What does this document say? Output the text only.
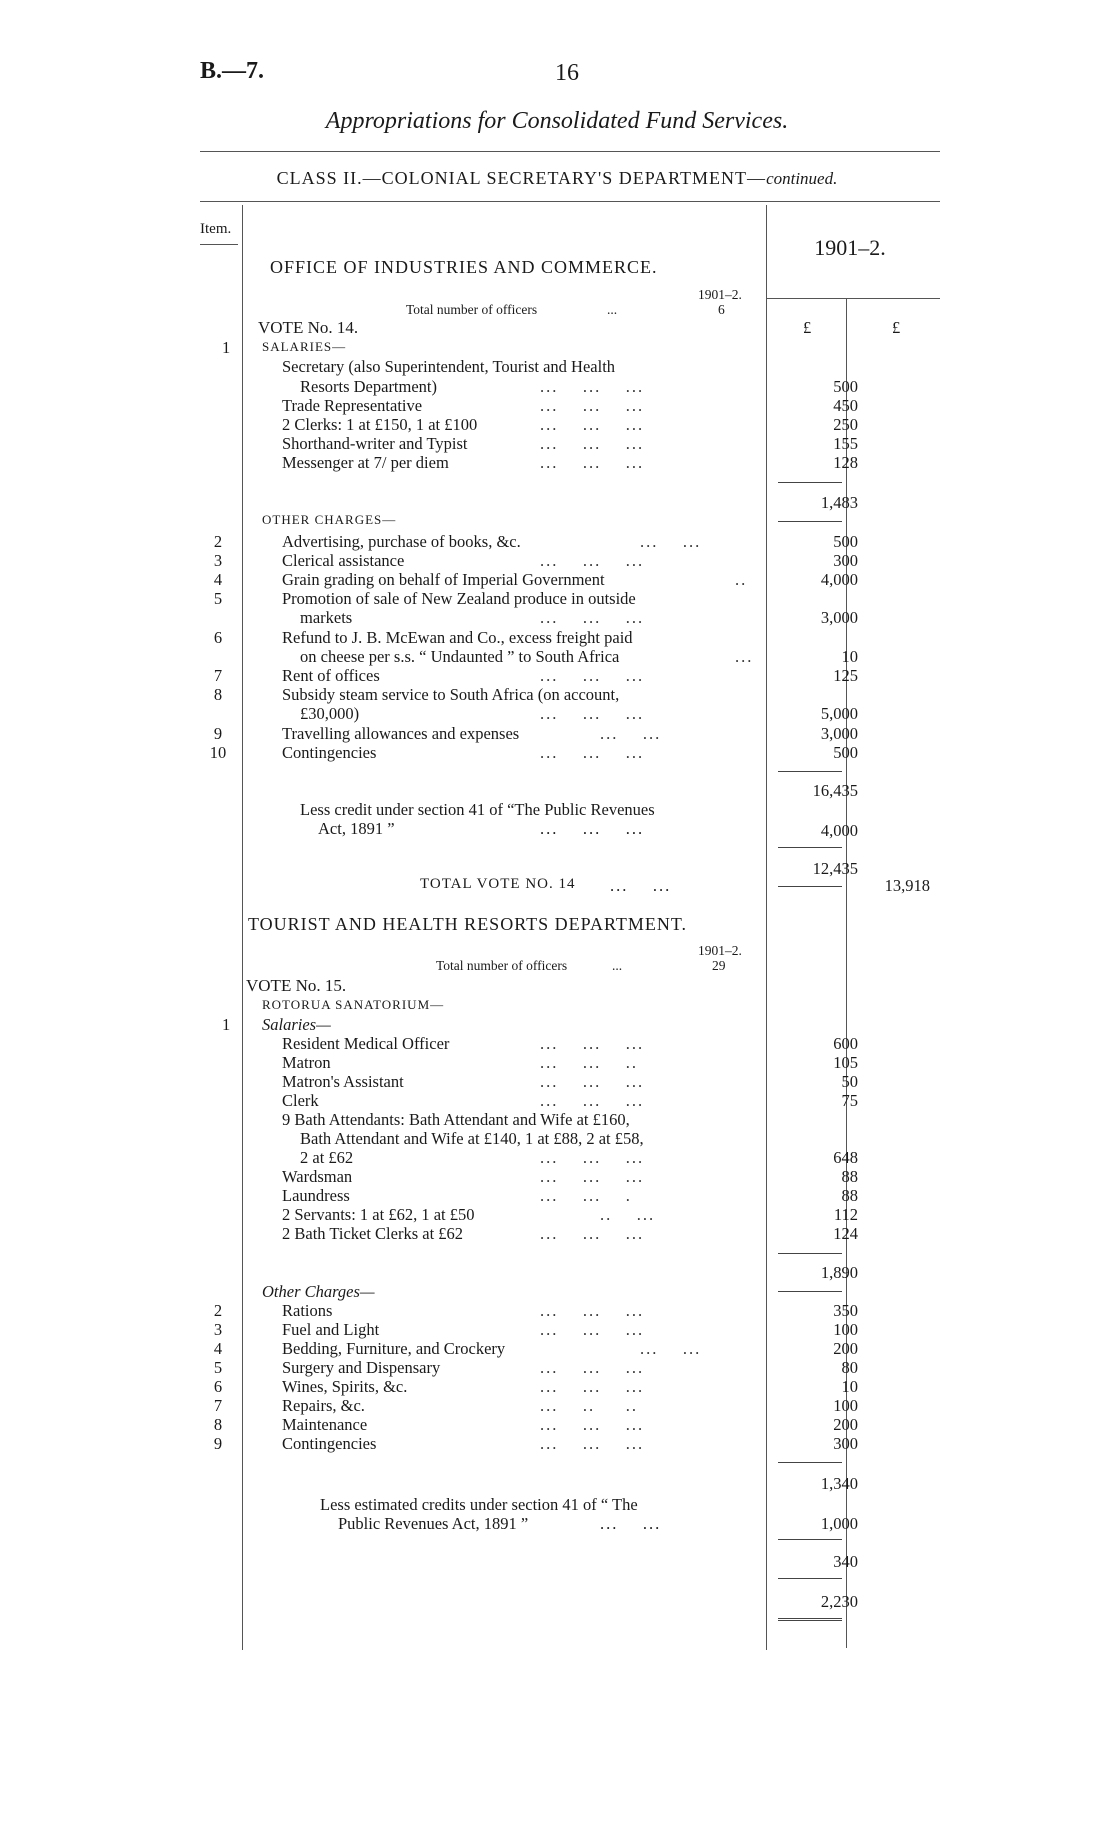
B.—7.	16
Appropriations for Consolidated Fund Services.
CLASS II.—COLONIAL SECRETARY'S DEPARTMENT—continued.
Item.
1901–2.
OFFICE OF INDUSTRIES AND COMMERCE.
1901–2.
Total number of officers	...	6
VOTE No. 14.	£	£
1 SALARIES—
Secretary (also Superintendent, Tourist and Health
Resorts Department)	...    ...    ...	500
Trade Representative	...    ...    ...	450
2 Clerks: 1 at £150, 1 at £100	...    ...    ...	250
Shorthand-writer and Typist	...    ...    ...	155
Messenger at 7/ per diem	...    ...    ...	128
1,483
OTHER CHARGES—
2	Advertising, purchase of books, &c.	...    ...	500
3	Clerical assistance	...    ...    ...	300
4	Grain grading on behalf of Imperial Government	..	4,000
5	Promotion of sale of New Zealand produce in outside
markets	...    ...    ...	3,000
6	Refund to J. B. McEwan and Co., excess freight paid
on cheese per s.s. “ Undaunted ” to South Africa	...	10
7	Rent of offices	...    ...    ...	125
8	Subsidy steam service to South Africa (on account,
£30,000)	...    ...    ...	5,000
9	Travelling allowances and expenses	...    ...	3,000
10	Contingencies	...    ...    ...	500
16,435
Less credit under section 41 of “The Public Revenues
Act, 1891 ”	...    ...    ...	4,000
12,435
TOTAL VOTE NO. 14 ...    ...	13,918
TOURIST AND HEALTH RESORTS DEPARTMENT.
1901–2.
Total number of officers	...	29
VOTE No. 15.
ROTORUA SANATORIUM—
1 Salaries—
Resident Medical Officer	...    ...    ...	600
Matron	...    ...    ..	105
Matron's Assistant	...    ...    ...	50
Clerk	...    ...    ...	75
9 Bath Attendants: Bath Attendant and Wife at £160,
Bath Attendant and Wife at £140, 1 at £88, 2 at £58,
2 at £62	...    ...    ...	648
Wardsman	...    ...    ...	88
Laundress	...    ...    .	88
2 Servants: 1 at £62, 1 at £50	..    ...	112
2 Bath Ticket Clerks at £62	...    ...    ...	124
1,890
Other Charges—
2	Rations	...    ...    ...	350
3	Fuel and Light	...    ...    ...	100
4	Bedding, Furniture, and Crockery	...    ...	200
5	Surgery and Dispensary	...    ...    ...	80
6	Wines, Spirits, &c.	...    ...    ...	10
7	Repairs, &c.	...    ..     ..	100
8	Maintenance	...    ...    ...	200
9	Contingencies	...    ...    ...	300
1,340
Less estimated credits under section 41 of “ The
Public Revenues Act, 1891 ”	...    ...	1,000
340
2,230
